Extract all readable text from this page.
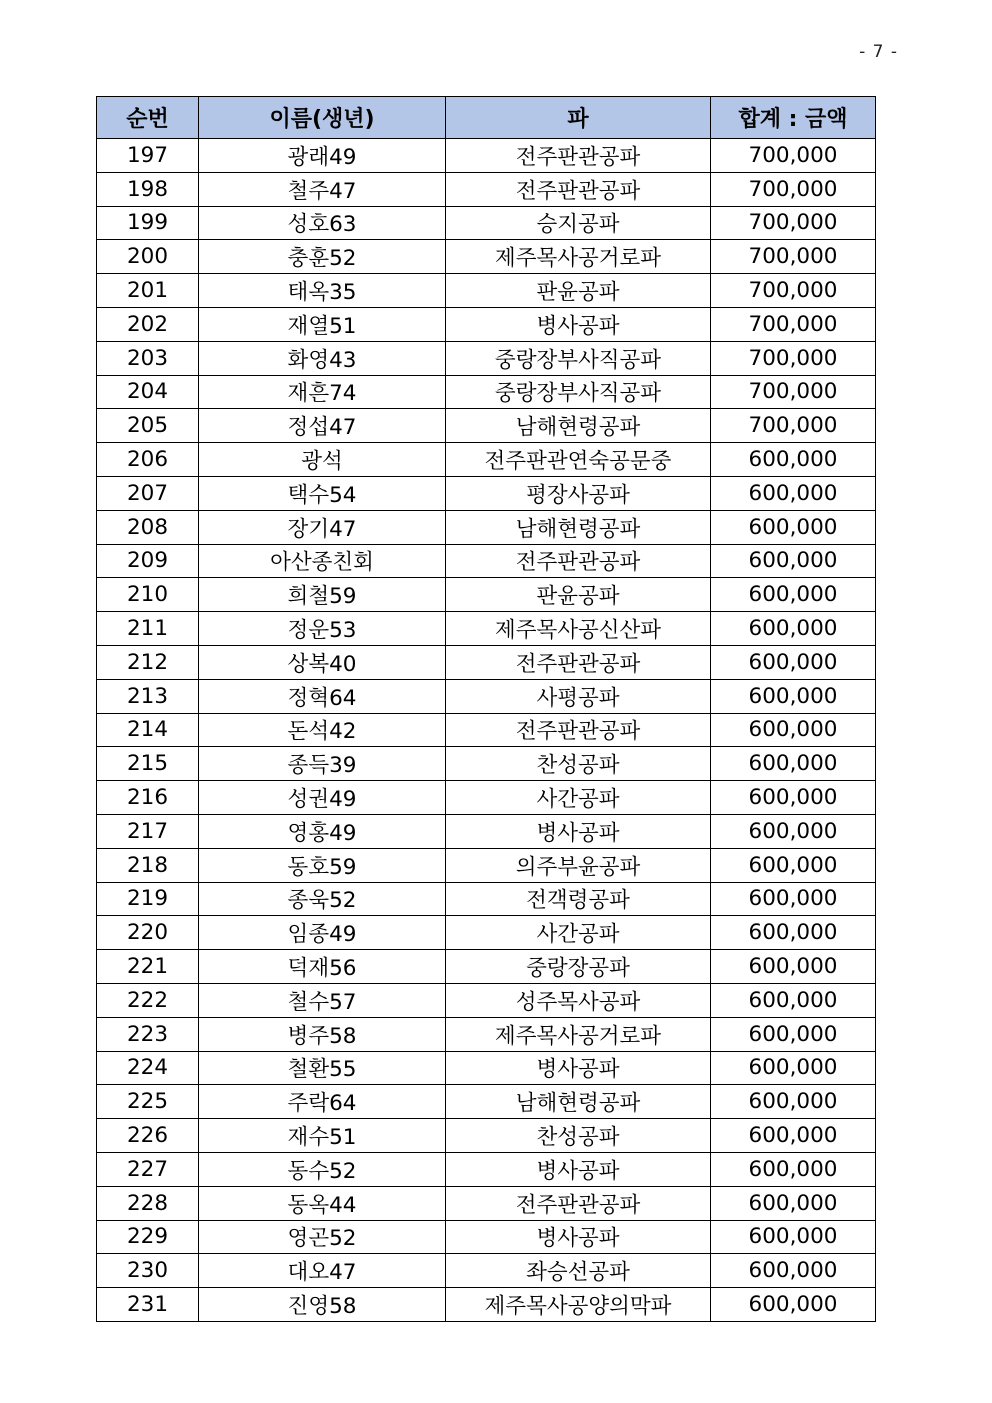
- 7 -
순번	이름(생년)	파	합계 : 금액
197	광래49	전주판관공파	700,000
198	철주47	전주판관공파	700,000
199	성호63	승지공파	700,000
200	충훈52	제주목사공거로파	700,000
201	태옥35	판윤공파	700,000
202	재열51	병사공파	700,000
203	화영43	중랑장부사직공파	700,000
204	재흔74	중랑장부사직공파	700,000
205	정섭47	남해현령공파	700,000
206	광석	전주판관연숙공문중	600,000
207	택수54	평장사공파	600,000
208	장기47	남해현령공파	600,000
209	아산종친회	전주판관공파	600,000
210	희철59	판윤공파	600,000
211	정운53	제주목사공신산파	600,000
212	상복40	전주판관공파	600,000
213	정혁64	사평공파	600,000
214	돈석42	전주판관공파	600,000
215	종득39	찬성공파	600,000
216	성권49	사간공파	600,000
217	영홍49	병사공파	600,000
218	동호59	의주부윤공파	600,000
219	종욱52	전객령공파	600,000
220	임종49	사간공파	600,000
221	덕재56	중랑장공파	600,000
222	철수57	성주목사공파	600,000
223	병주58	제주목사공거로파	600,000
224	철환55	병사공파	600,000
225	주락64	남해현령공파	600,000
226	재수51	찬성공파	600,000
227	동수52	병사공파	600,000
228	동옥44	전주판관공파	600,000
229	영곤52	병사공파	600,000
230	대오47	좌승선공파	600,000
231	진영58	제주목사공양의막파	600,000
